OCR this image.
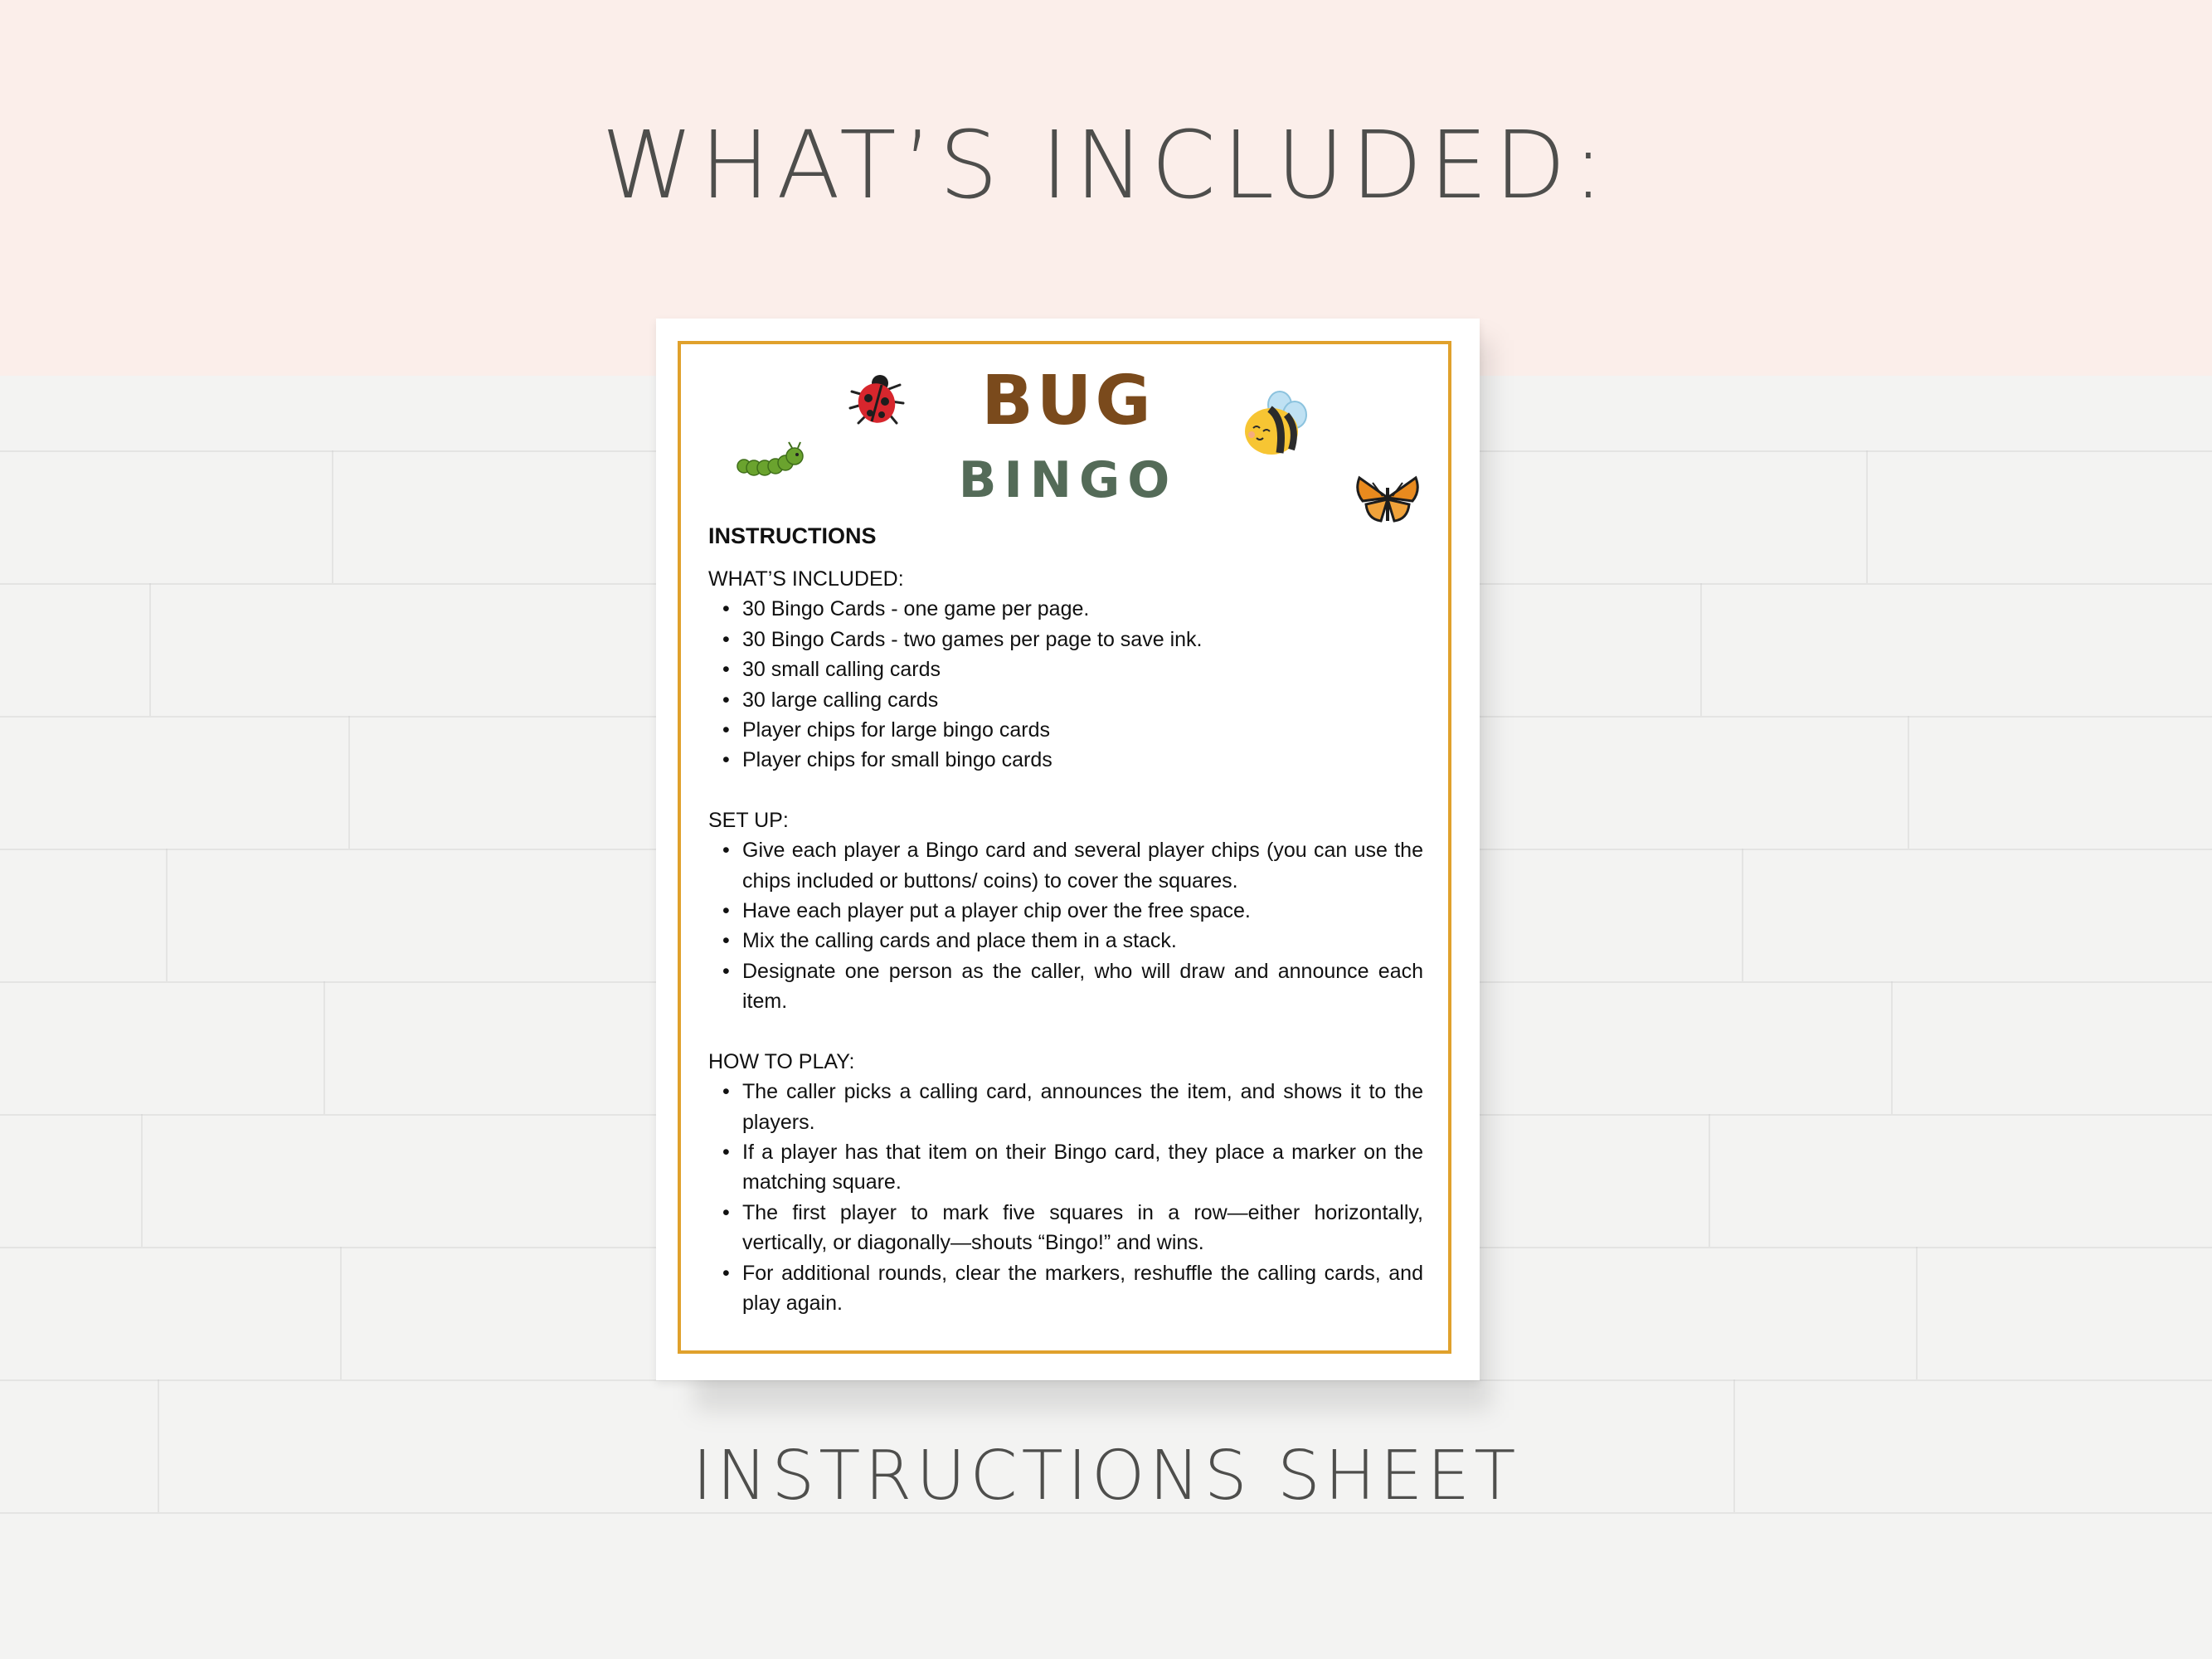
WHAT’S INCLUDED:
BUG
BINGO
INSTRUCTIONS
WHAT’S INCLUDED:
• 30 Bingo Cards - one game per page.
• 30 Bingo Cards - two games per page to save ink.
• 30 small calling cards
• 30 large calling cards
• Player chips for large bingo cards
• Player chips for small bingo cards
SET UP:
• Give each player a Bingo card and several player chips (you can use the chips included or buttons/ coins) to cover the squares.
• Have each player put a player chip over the free space.
• Mix the calling cards and place them in a stack.
• Designate one person as the caller, who will draw and announce each item.
HOW TO PLAY:
• The caller picks a calling card, announces the item, and shows it to the players.
• If a player has that item on their Bingo card, they place a marker on the matching square.
• The first player to mark five squares in a row—either horizontally, vertically, or diagonally—shouts “Bingo!” and wins.
• For additional rounds, clear the markers, reshuffle the calling cards, and play again.
INSTRUCTIONS SHEET
